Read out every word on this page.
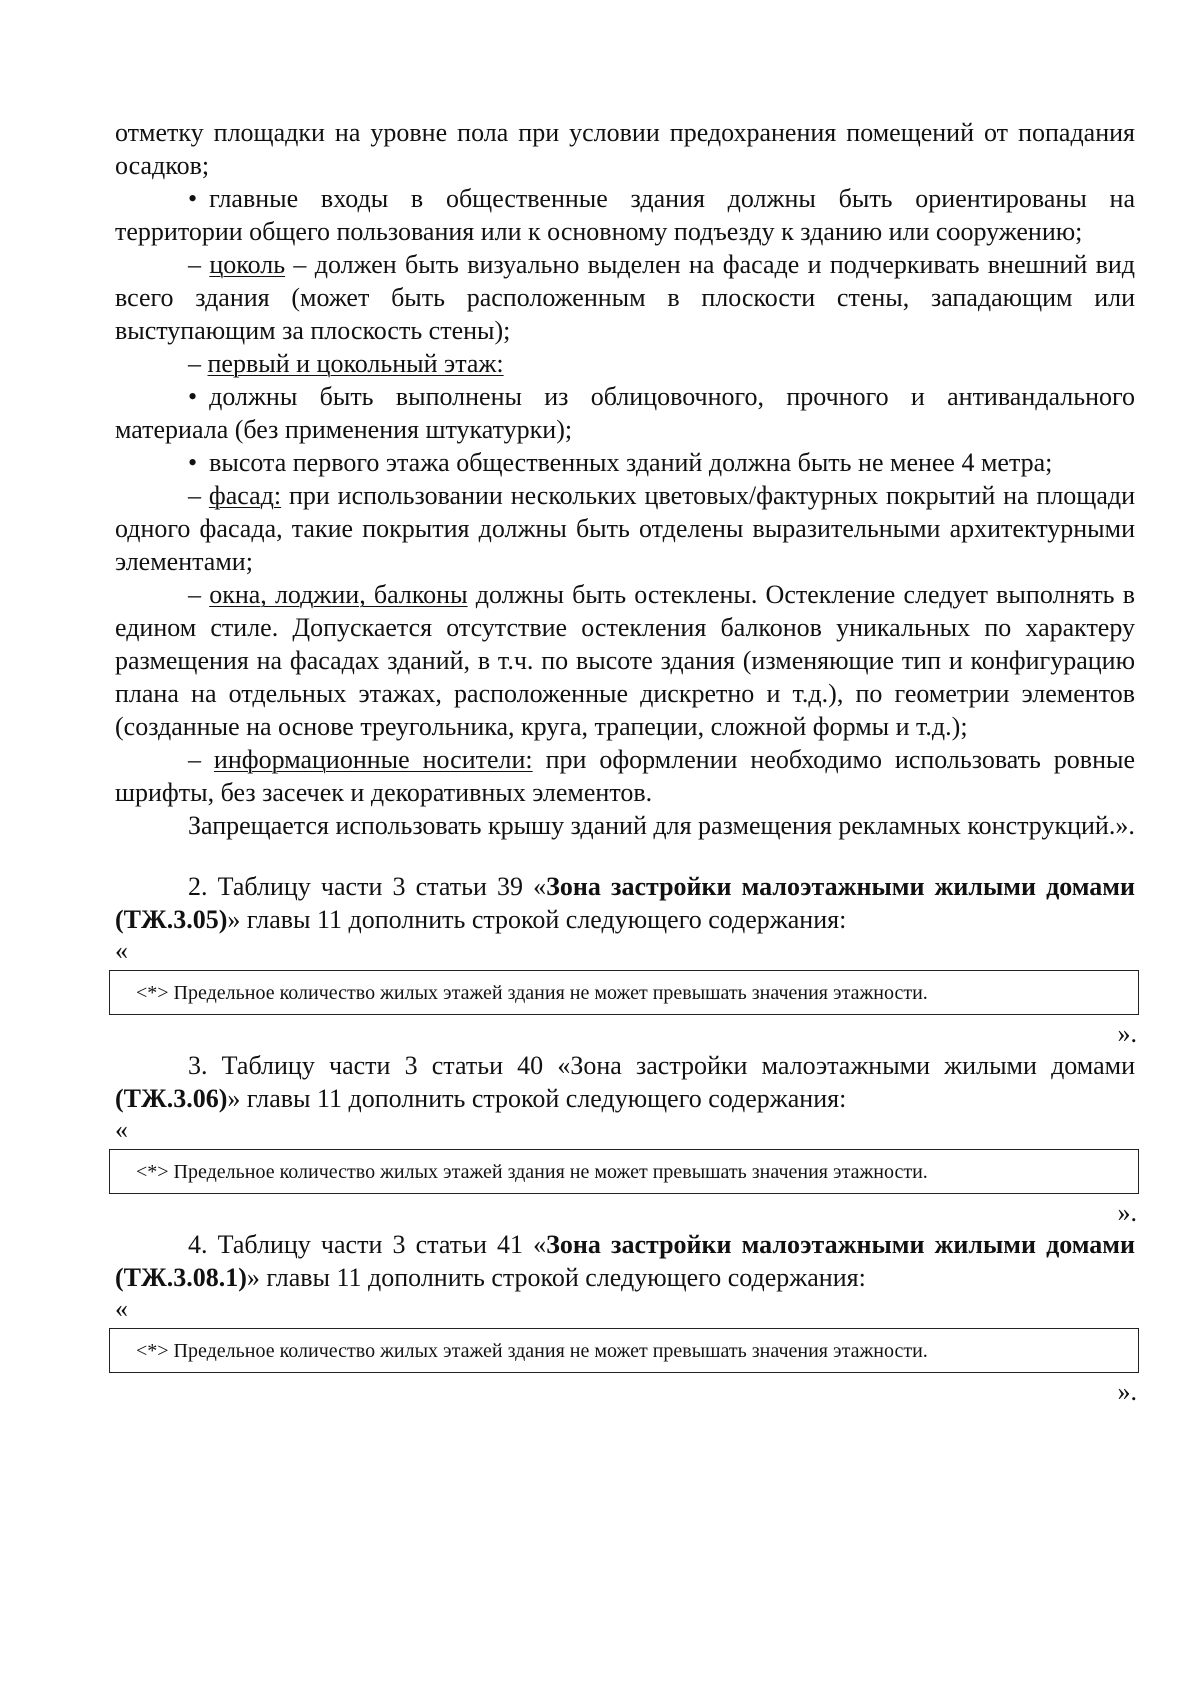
отметку площадки на уровне пола при условии предохранения помещений от попадания осадков;

• главные входы в общественные здания должны быть ориентированы на территории общего пользования или к основному подъезду к зданию или сооружению;

– цоколь – должен быть визуально выделен на фасаде и подчеркивать внешний вид всего здания (может быть расположенным в плоскости стены, западающим или выступающим за плоскость стены);

– первый и цокольный этаж:

• должны быть выполнены из облицовочного, прочного и антивандального материала (без применения штукатурки);

• высота первого этажа общественных зданий должна быть не менее 4 метра;

– фасад: при использовании нескольких цветовых/фактурных покрытий на площади одного фасада, такие покрытия должны быть отделены выразительными архитектурными элементами;

– окна, лоджии, балконы должны быть остеклены. Остекление следует выполнять в едином стиле. Допускается отсутствие остекления балконов уникальных по характеру размещения на фасадах зданий, в т.ч. по высоте здания (изменяющие тип и конфигурацию плана на отдельных этажах, расположенные дискретно и т.д.), по геометрии элементов (созданные на основе треугольника, круга, трапеции, сложной формы и т.д.);

– информационные носители: при оформлении необходимо использовать ровные шрифты, без засечек и декоративных элементов.

Запрещается использовать крышу зданий для размещения рекламных конструкций.».

2. Таблицу части 3 статьи 39 «Зона застройки малоэтажными жилыми домами (ТЖ.3.05)» главы 11 дополнить строкой следующего содержания:

«
<*> Предельное количество жилых этажей здания не может превышать значения этажности.
».

3. Таблицу части 3 статьи 40 «Зона застройки малоэтажными жилыми домами (ТЖ.3.06)» главы 11 дополнить строкой следующего содержания:

«
<*> Предельное количество жилых этажей здания не может превышать значения этажности.
».

4. Таблицу части 3 статьи 41 «Зона застройки малоэтажными жилыми домами (ТЖ.3.08.1)» главы 11 дополнить строкой следующего содержания:

«
<*> Предельное количество жилых этажей здания не может превышать значения этажности.
».
